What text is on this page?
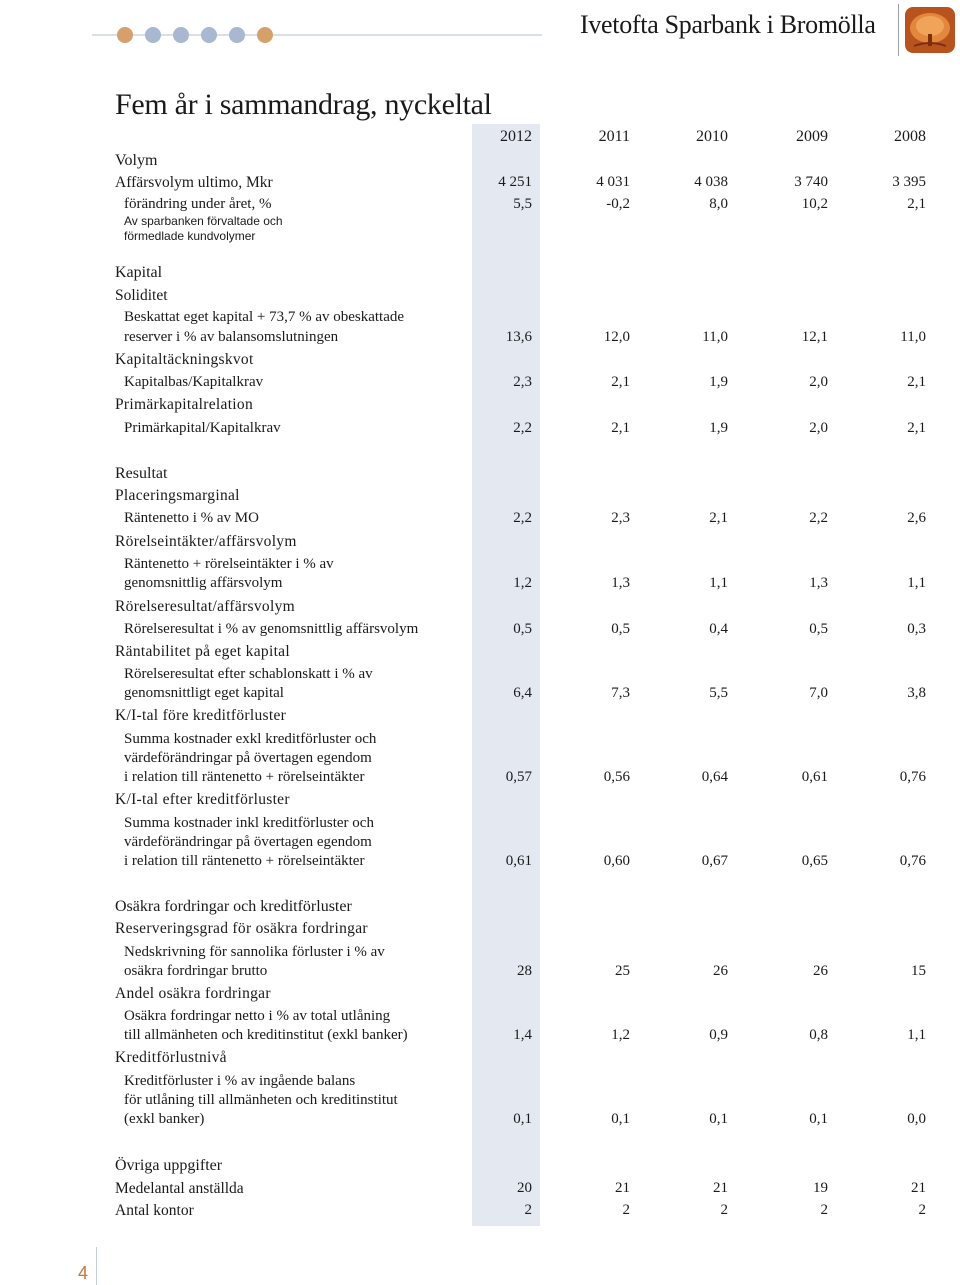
Ivetofta Sparbank i Bromölla
Fem år i sammandrag, nyckeltal
2012	2011	2010	2009	2008
Volym
Affärsvolym ultimo, Mkr	4 251	4 031	4 038	3 740	3 395
förändring under året, %	5,5	-0,2	8,0	10,2	2,1
Av sparbanken förvaltade och
förmedlade kundvolymer
Kapital
Soliditet
Beskattat eget kapital + 73,7 % av obeskattade
reserver i % av balansomslutningen	13,6	12,0	11,0	12,1	11,0
Kapitaltäckningskvot
Kapitalbas/Kapitalkrav	2,3	2,1	1,9	2,0	2,1
Primärkapitalrelation
Primärkapital/Kapitalkrav	2,2	2,1	1,9	2,0	2,1
Resultat
Placeringsmarginal
Räntenetto i % av MO	2,2	2,3	2,1	2,2	2,6
Rörelseintäkter/affärsvolym
Räntenetto + rörelseintäkter i % av
genomsnittlig affärsvolym	1,2	1,3	1,1	1,3	1,1
Rörelseresultat/affärsvolym
Rörelseresultat i % av genomsnittlig affärsvolym	0,5	0,5	0,4	0,5	0,3
Räntabilitet på eget kapital
Rörelseresultat efter schablonskatt i % av
genomsnittligt eget kapital	6,4	7,3	5,5	7,0	3,8
K/I-tal före kreditförluster
Summa kostnader exkl kreditförluster och
värdeförändringar på övertagen egendom
i relation till räntenetto + rörelseintäkter	0,57	0,56	0,64	0,61	0,76
K/I-tal efter kreditförluster
Summa kostnader inkl kreditförluster och
värdeförändringar på övertagen egendom
i relation till räntenetto + rörelseintäkter	0,61	0,60	0,67	0,65	0,76
Osäkra fordringar och kreditförluster
Reserveringsgrad för osäkra fordringar
Nedskrivning för sannolika förluster i % av
osäkra fordringar brutto	28	25	26	26	15
Andel osäkra fordringar
Osäkra fordringar netto i % av total utlåning
till allmänheten och kreditinstitut (exkl banker)	1,4	1,2	0,9	0,8	1,1
Kreditförlustnivå
Kreditförluster i % av ingående balans
för utlåning till allmänheten och kreditinstitut
(exkl banker)	0,1	0,1	0,1	0,1	0,0
Övriga uppgifter
Medelantal anställda	20	21	21	19	21
Antal kontor	2	2	2	2	2
4
